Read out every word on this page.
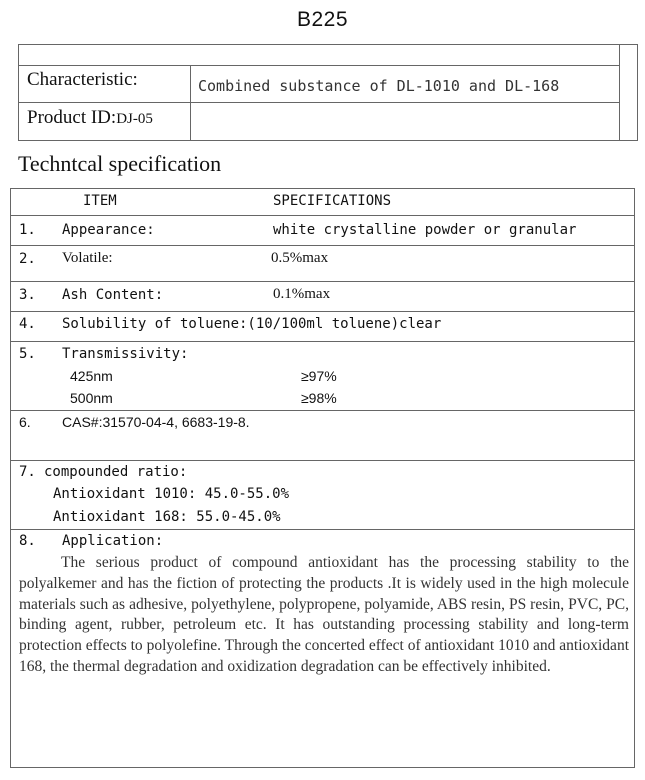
B225
Characteristic:	Combined substance of DL-1010 and DL-168
Product ID:DJ-05
Techntcal specification
ITEM	SPECIFICATIONS
1. Appearance:	white crystalline powder or granular
2. Volatile:	0.5%max
3. Ash Content:	0.1%max
4. Solubility of toluene:(10/100ml toluene)clear
5. Transmissivity:
425nm	≥97%
500nm	≥98%
6. CAS#:31570-04-4, 6683-19-8.
7. compounded ratio:
Antioxidant 1010: 45.0-55.0%
Antioxidant 168: 55.0-45.0%
8. Application:

The serious product of compound antioxidant has the processing stability to the polyalkemer and has the fiction of protecting the products .It is widely used in the high molecule materials such as adhesive, polyethylene, polypropene, polyamide, ABS resin, PS resin, PVC, PC, binding agent, rubber, petroleum etc. It has outstanding processing stability and long-term protection effects to polyolefine. Through the concerted effect of antioxidant 1010 and antioxidant 168, the thermal degradation and oxidization degradation can be effectively inhibited.
